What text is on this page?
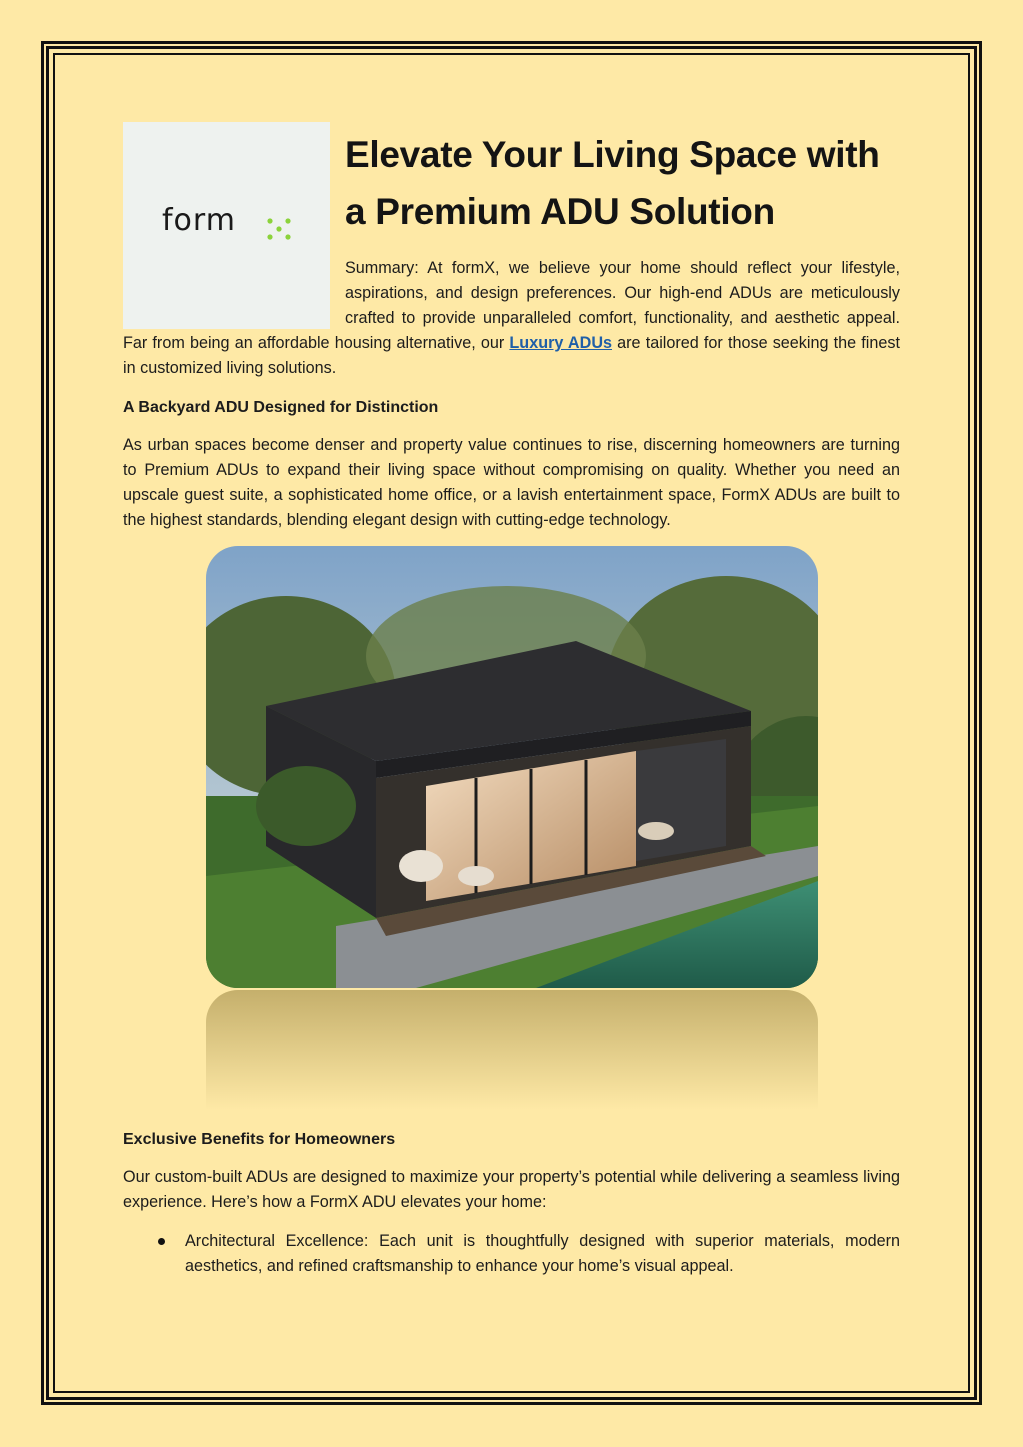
form
Elevate Your Living Space with a Premium ADU Solution

Summary: At formX, we believe your home should reflect your lifestyle, aspirations, and design preferences. Our high-end ADUs are meticulously crafted to provide unparalleled comfort, functionality, and aesthetic appeal. Far from being an affordable housing alternative, our Luxury ADUs are tailored for those seeking the finest in customized living solutions.

A Backyard ADU Designed for Distinction

As urban spaces become denser and property value continues to rise, discerning homeowners are turning to Premium ADUs to expand their living space without compromising on quality. Whether you need an upscale guest suite, a sophisticated home office, or a lavish entertainment space, FormX ADUs are built to the highest standards, blending elegant design with cutting-edge technology.

Exclusive Benefits for Homeowners

Our custom-built ADUs are designed to maximize your property’s potential while delivering a seamless living experience. Here’s how a FormX ADU elevates your home:

Architectural Excellence: Each unit is thoughtfully designed with superior materials, modern aesthetics, and refined craftsmanship to enhance your home’s visual appeal.
